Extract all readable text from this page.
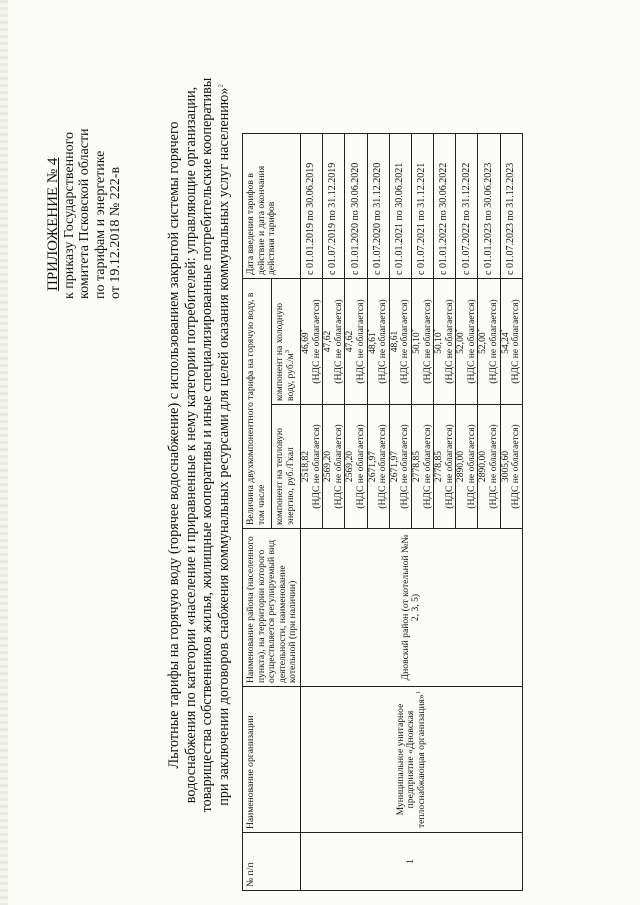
ПРИЛОЖЕНИЕ № 4 к приказу Государственного комитета Псковской области по тарифам и энергетике от 19.12.2018 № 222-в	Льготные тарифы на горячую воду (горячее водоснабжение) с использованием закрытой системы горячего водоснабжения по категории «население и приравненные к нему категории потребителей: управляющие организации, товарищества собственников жилья, жилищные кооперативы и иные специализированные потребительские кооперативы при заключении договоров снабжения коммунальных ресурсами для целей оказания коммунальных услуг населению»$^2$
№ п/п	Наименование организации	Наименование района (населенного пункта), на территории которого осуществляется регулируемый вид деятельности, наименование котельной (при наличии)	Величина двухкомпонентного тарифа на горячую воду, в том числе		Дата введения тарифов в действие и дата окончания действия тарифов
			компонент на тепловую энергию, руб./Гкал	компонент на холодную воду, $руб./м^3$
1	Муниципальное унитарное предприятие «Дновская теплоснабжающая организация»$^1$	Дновский район (от котельной №№ 2, 3, 5)	2518,82 (НДС не облагается)	46,69* (НДС не облагается)	с 01.01.2019 по 30.06.2019

			2569,20 (НДС не облагается)	47,62 (НДС не облагается)	с 01.07.2019 по 31.12.2019

			2569,20 (НДС не облагается)	47,62 (НДС не облагается)	с 01.01.2020 по 30.06.2020

			2671,97 (НДС не облагается)	48,61* (НДС не облагается)	с 01.07.2020 по 31.12.2020

			2671,97 (НДС не облагается)	48,61 (НДС не облагается)	с 01.01.2021 по 30.06.2021

			2778,85 (НДС не облагается)	50,10* (НДС не облагается)	с 01.07.2021 по 31.12.2021

			2778,85 (НДС не облагается)	50,10* (НДС не облагается)	с 01.01.2022 по 30.06.2022

			2890,00 (НДС не облагается)	52,00* (НДС не облагается)	с 01.07.2022 по 31.12.2022

			2890,00 (НДС не облагается)	52,00* (НДС не облагается)	с 01.01.2023 по 30.06.2023

			3005,60 (НДС не облагается)	54,24* (НДС не облагается)	с 01.07.2023 по 31.12.2023
